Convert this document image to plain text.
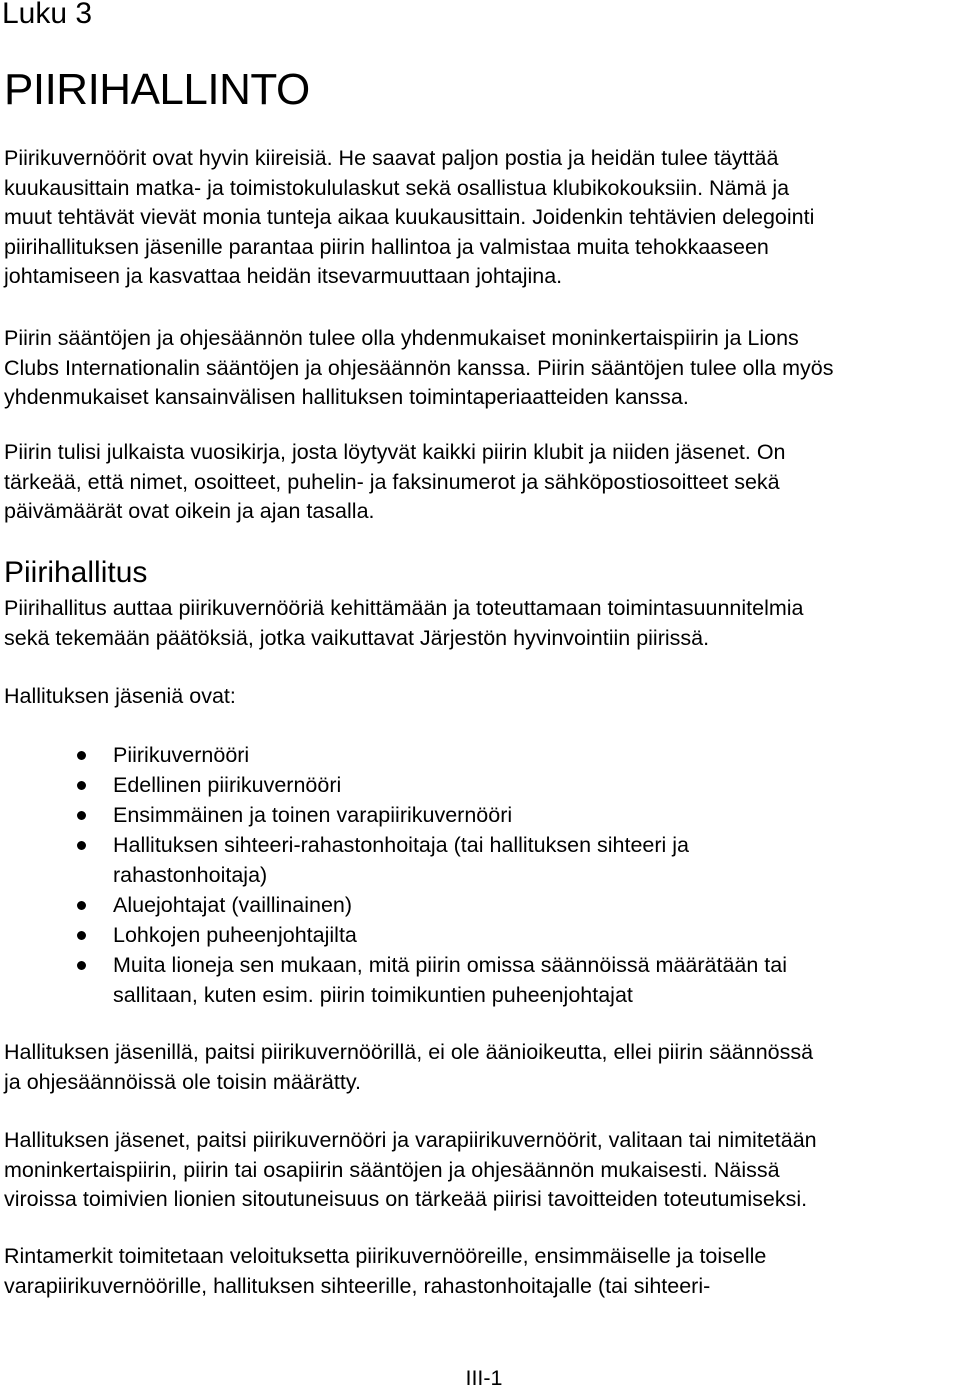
Luku 3
PIIRIHALLINTO

Piirikuvernöörit ovat hyvin kiireisiä. He saavat paljon postia ja heidän tulee täyttää
kuukausittain matka- ja toimistokululaskut sekä osallistua klubikokouksiin. Nämä ja
muut tehtävät vievät monia tunteja aikaa kuukausittain. Joidenkin tehtävien delegointi
piirihallituksen jäsenille parantaa piirin hallintoa ja valmistaa muita tehokkaaseen
johtamiseen ja kasvattaa heidän itsevarmuuttaan johtajina.

Piirin sääntöjen ja ohjesäännön tulee olla yhdenmukaiset moninkertaispiirin ja Lions
Clubs Internationalin sääntöjen ja ohjesäännön kanssa. Piirin sääntöjen tulee olla myös
yhdenmukaiset kansainvälisen hallituksen toimintaperiaatteiden kanssa.

Piirin tulisi julkaista vuosikirja, josta löytyvät kaikki piirin klubit ja niiden jäsenet. On
tärkeää, että nimet, osoitteet, puhelin- ja faksinumerot ja sähköpostiosoitteet sekä
päivämäärät ovat oikein ja ajan tasalla.

Piirihallitus

Piirihallitus auttaa piirikuvernööriä kehittämään ja toteuttamaan toimintasuunnitelmia
sekä tekemään päätöksiä, jotka vaikuttavat Järjestön hyvinvointiin piirissä.

Hallituksen jäseniä ovat:

Piirikuvernööri
Edellinen piirikuvernööri
Ensimmäinen ja toinen varapiirikuvernööri
Hallituksen sihteeri-rahastonhoitaja (tai hallituksen sihteeri ja
rahastonhoitaja)
Aluejohtajat (vaillinainen)
Lohkojen puheenjohtajilta
Muita lioneja sen mukaan, mitä piirin omissa säännöissä määrätään tai
sallitaan, kuten esim. piirin toimikuntien puheenjohtajat

Hallituksen jäsenillä, paitsi piirikuvernöörillä, ei ole äänioikeutta, ellei piirin säännössä
ja ohjesäännöissä ole toisin määrätty.

Hallituksen jäsenet, paitsi piirikuvernööri ja varapiirikuvernöörit, valitaan tai nimitetään
moninkertaispiirin, piirin tai osapiirin sääntöjen ja ohjesäännön mukaisesti. Näissä
viroissa toimivien lionien sitoutuneisuus on tärkeää piirisi tavoitteiden toteutumiseksi.

Rintamerkit toimitetaan veloituksetta piirikuvernööreille, ensimmäiselle ja toiselle
varapiirikuvernöörille, hallituksen sihteerille, rahastonhoitajalle (tai sihteeri-

III-1
